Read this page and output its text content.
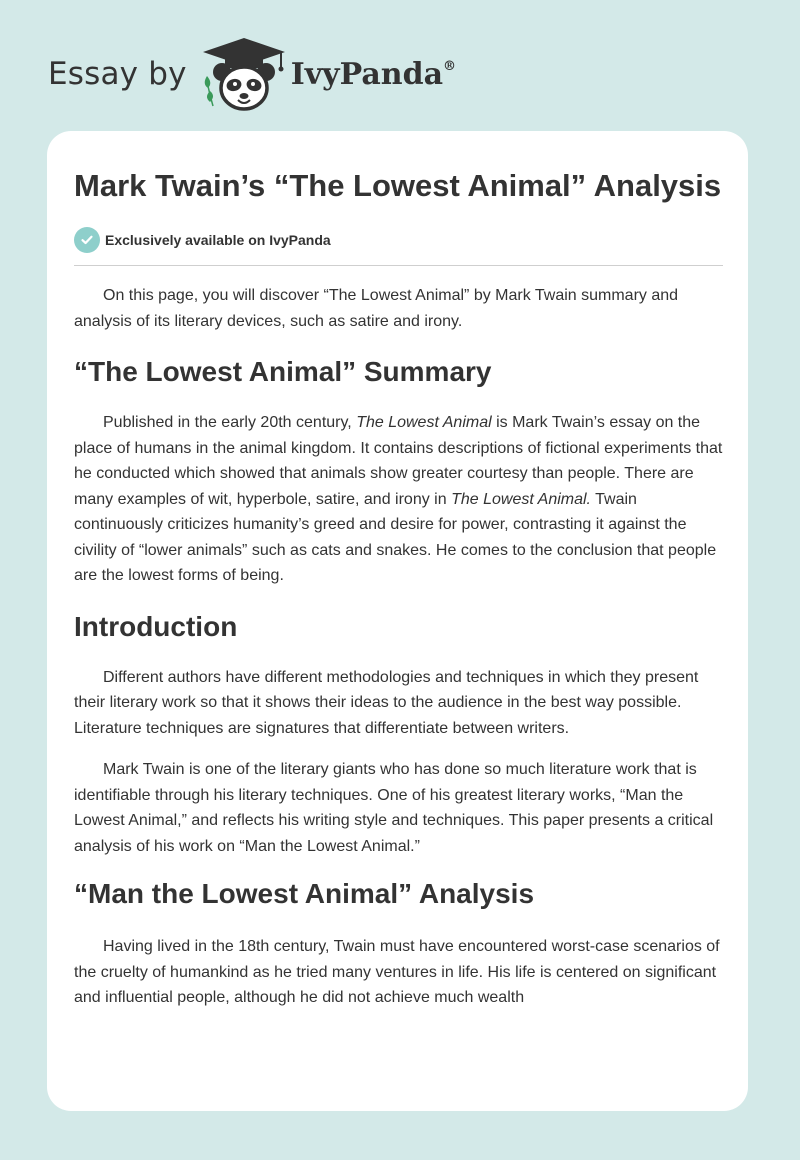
Essay by	IvyPanda®
Mark Twain’s “The Lowest Animal” Analysis
Exclusively available on IvyPanda

On this page, you will discover “The Lowest Animal” by Mark Twain summary and analysis of its literary devices, such as satire and irony.

“The Lowest Animal” Summary

Published in the early 20th century, The Lowest Animal is Mark Twain’s essay on the place of humans in the animal kingdom. It contains descriptions of fictional experiments that he conducted which showed that animals show greater courtesy than people. There are many examples of wit, hyperbole, satire, and irony in The Lowest Animal. Twain continuously criticizes humanity’s greed and desire for power, contrasting it against the civility of “lower animals” such as cats and snakes. He comes to the conclusion that people are the lowest forms of being.

Introduction

Different authors have different methodologies and techniques in which they present their literary work so that it shows their ideas to the audience in the best way possible. Literature techniques are signatures that differentiate between writers.

Mark Twain is one of the literary giants who has done so much literature work that is identifiable through his literary techniques. One of his greatest literary works, “Man the Lowest Animal,” and reflects his writing style and techniques. This paper presents a critical analysis of his work on “Man the Lowest Animal.”

“Man the Lowest Animal” Analysis

Having lived in the 18th century, Twain must have encountered worst-case scenarios of the cruelty of humankind as he tried many ventures in life. His life is centered on significant and influential people, although he did not achieve much wealth
